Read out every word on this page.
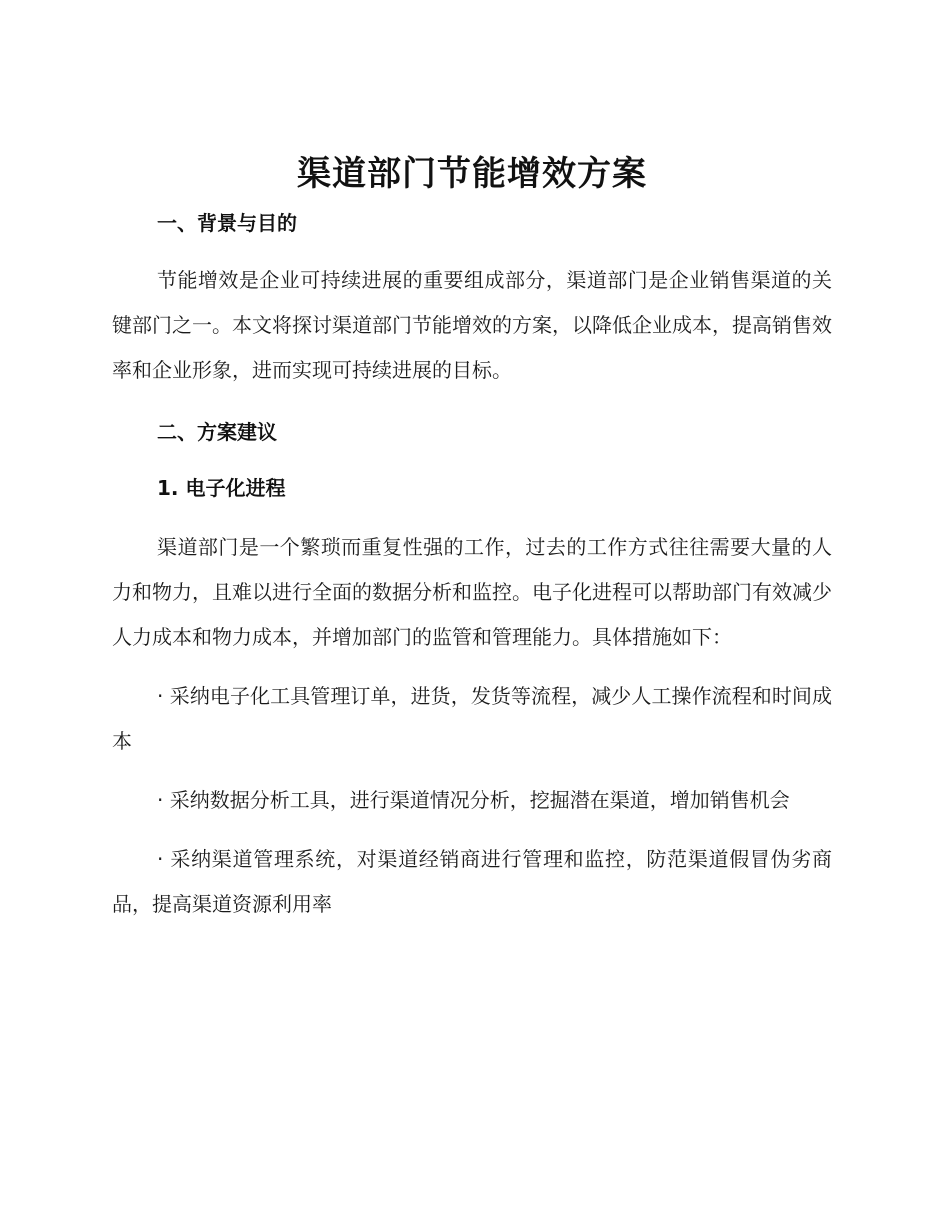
渠道部门节能增效方案
一、背景与目的

节能增效是企业可持续进展的重要组成部分，渠道部门是企业销售渠道的关键部门之一。本文将探讨渠道部门节能增效的方案，以降低企业成本，提高销售效率和企业形象，进而实现可持续进展的目标。

二、方案建议
1. 电子化进程

渠道部门是一个繁琐而重复性强的工作，过去的工作方式往往需要大量的人力和物力，且难以进行全面的数据分析和监控。电子化进程可以帮助部门有效减少人力成本和物力成本，并增加部门的监管和管理能力。具体措施如下：

· 采纳电子化工具管理订单，进货，发货等流程，减少人工操作流程和时间成本

· 采纳数据分析工具，进行渠道情况分析，挖掘潜在渠道，增加销售机会

· 采纳渠道管理系统，对渠道经销商进行管理和监控，防范渠道假冒伪劣商品，提高渠道资源利用率
